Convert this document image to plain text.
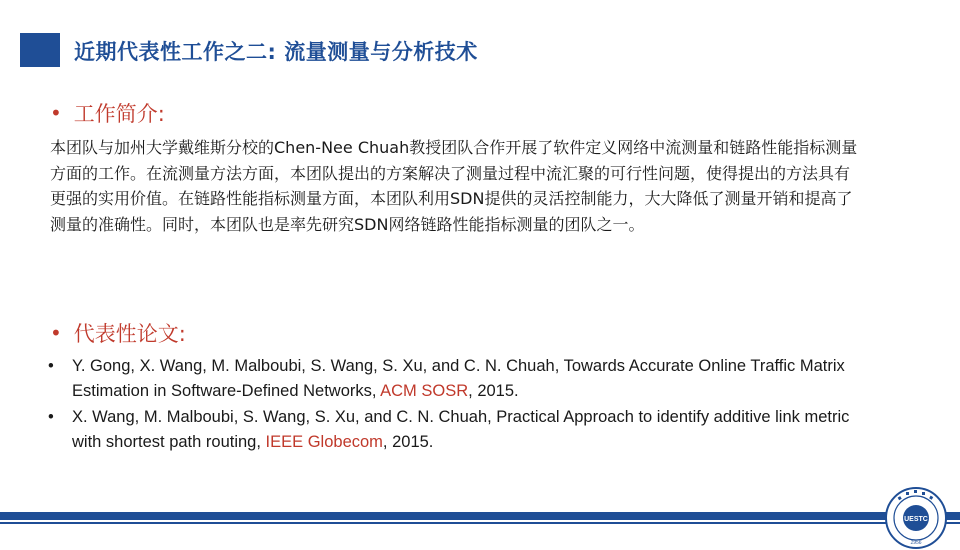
近期代表性工作之二: 流量测量与分析技术
• 工作简介:
本团队与加州大学戴维斯分校的Chen-Nee Chuah教授团队合作开展了软件定义网络中流测量和链路性能指标测量方面的工作。在流测量方法方面，本团队提出的方案解决了测量过程中流汇聚的可行性问题，使得提出的方法具有更强的实用价值。在链路性能指标测量方面，本团队利用SDN提供的灵活控制能力，大大降低了测量开销和提高了测量的准确性。同时，本团队也是率先研究SDN网络链路性能指标测量的团队之一。
• 代表性论文:
• Y. Gong, X. Wang, M. Malboubi, S. Wang, S. Xu, and C. N. Chuah, Towards Accurate Online Traffic Matrix Estimation in Software-Defined Networks, ACM SOSR, 2015.
• X. Wang, M. Malboubi, S. Wang, S. Xu, and C. N. Chuah, Practical Approach to identify additive link metric with shortest path routing, IEEE Globecom, 2015.
UESTC
1956
